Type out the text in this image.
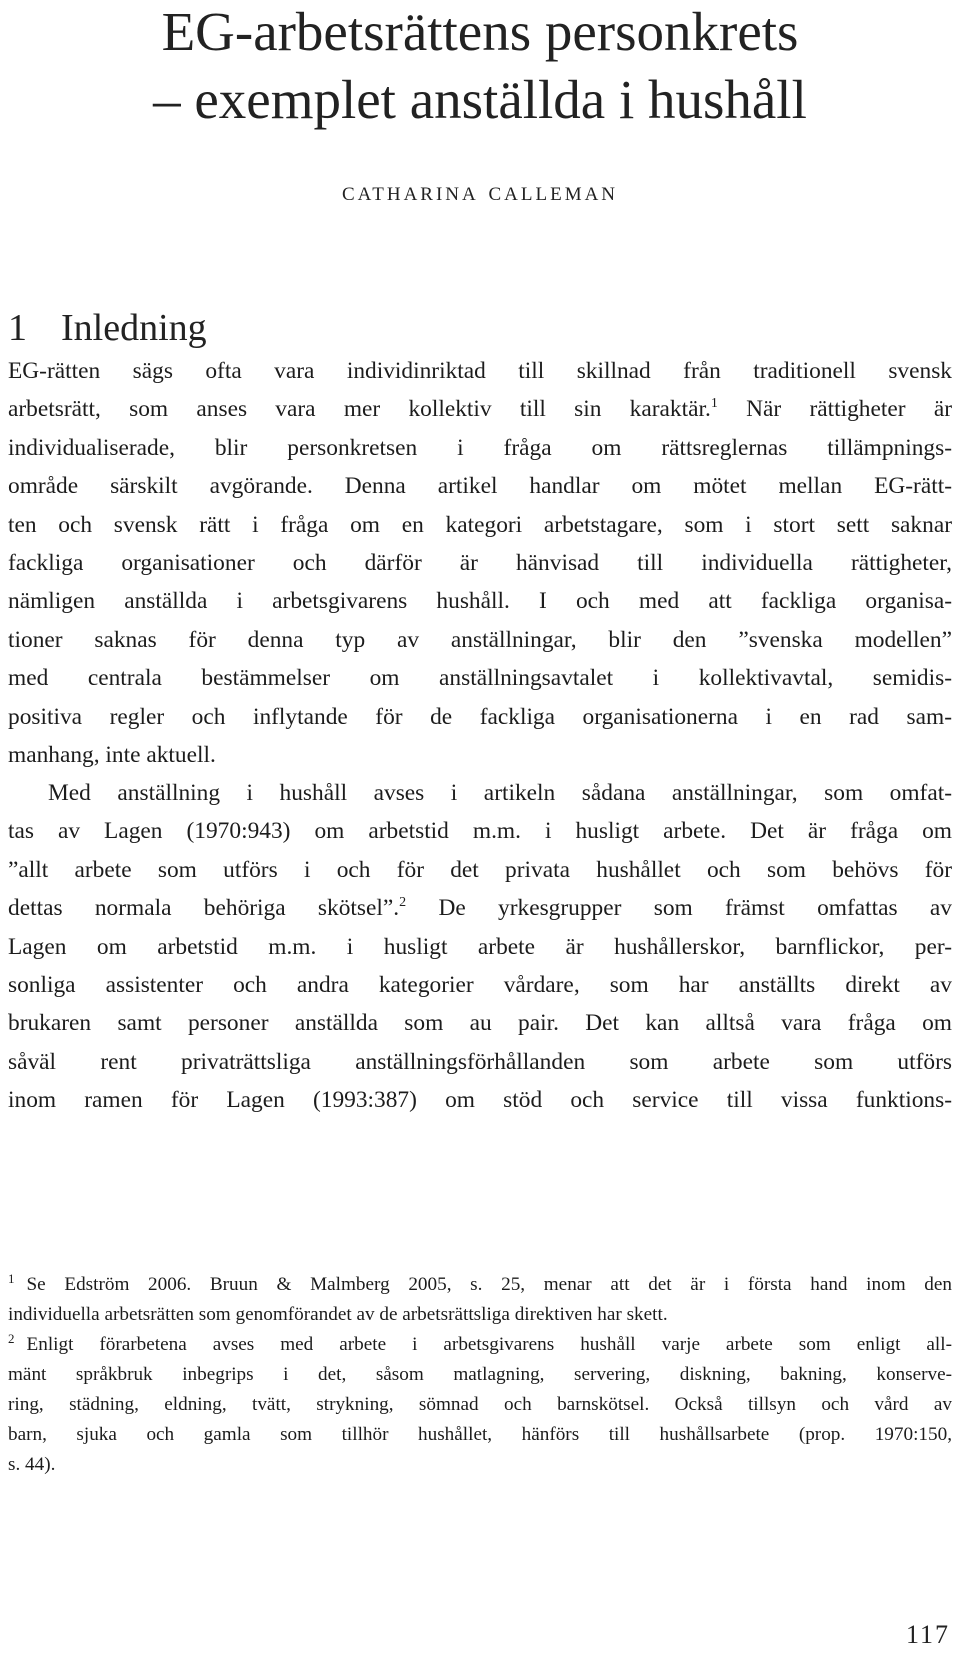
EG-arbetsrättens personkrets
– exemplet anställda i hushåll
catharina calleman
1 Inledning
EG-rätten sägs ofta vara individinriktad till skillnad från traditionell svensk
arbetsrätt, som anses vara mer kollektiv till sin karaktär.$^1$ När rättigheter är
individualiserade, blir personkretsen i fråga om rättsreglernas tillämpnings-
område särskilt avgörande. Denna artikel handlar om mötet mellan EG-rätt-
ten och svensk rätt i fråga om en kategori arbetstagare, som i stort sett saknar
fackliga organisationer och därför är hänvisad till individuella rättigheter,
nämligen anställda i arbetsgivarens hushåll. I och med att fackliga organisa-
tioner saknas för denna typ av anställningar, blir den ”svenska modellen”
med centrala bestämmelser om anställningsavtalet i kollektivavtal, semidis-
positiva regler och inflytande för de fackliga organisationerna i en rad sam-
manhang, inte aktuell.
Med anställning i hushåll avses i artikeln sådana anställningar, som omfat-
tas av Lagen (1970:943) om arbetstid m.m. i husligt arbete. Det är fråga om
”allt arbete som utförs i och för det privata hushållet och som behövs för
dettas normala behöriga skötsel”.$^2$ De yrkesgrupper som främst omfattas av
Lagen om arbetstid m.m. i husligt arbete är hushållerskor, barnflickor, per-
sonliga assistenter och andra kategorier vårdare, som har anställts direkt av
brukaren samt personer anställda som au pair. Det kan alltså vara fråga om
såväl rent privaträttsliga anställningsförhållanden som arbete som utförs
inom ramen för Lagen (1993:387) om stöd och service till vissa funktions-
$^1$ Se Edström 2006. Bruun & Malmberg 2005, s. 25, menar att det är i första hand inom den
individuella arbetsrätten som genomförandet av de arbetsrättsliga direktiven har skett.
$^2$ Enligt förarbetena avses med arbete i arbetsgivarens hushåll varje arbete som enligt all-
mänt språkbruk inbegrips i det, såsom matlagning, servering, diskning, bakning, konserve-
ring, städning, eldning, tvätt, strykning, sömnad och barnskötsel. Också tillsyn och vård av
barn, sjuka och gamla som tillhör hushållet, hänförs till hushållsarbete (prop. 1970:150,
s. 44).
117
